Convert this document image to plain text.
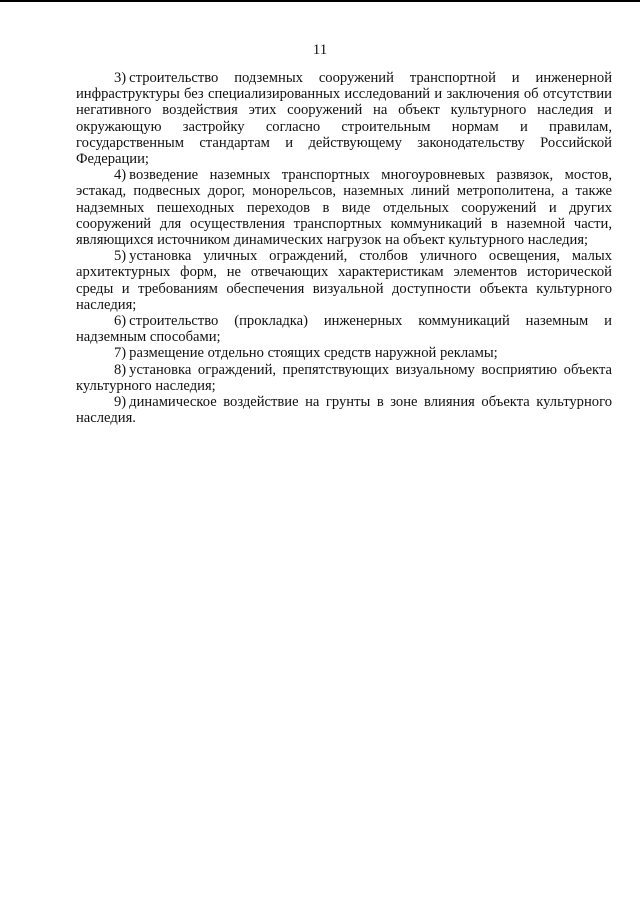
11

3) строительство подземных сооружений транспортной и инженерной инфраструктуры без специализированных исследований и заключения об отсутствии негативного воздействия этих сооружений на объект культурного наследия и окружающую застройку согласно строительным нормам и правилам, государственным стандартам и действующему законодательству Российской Федерации;

4) возведение наземных транспортных многоуровневых развязок, мостов, эстакад, подвесных дорог, монорельсов, наземных линий метрополитена, а также надземных пешеходных переходов в виде отдельных сооружений и других сооружений для осуществления транспортных коммуникаций в наземной части, являющихся источником динамических нагрузок на объект культурного наследия;

5) установка уличных ограждений, столбов уличного освещения, малых архитектурных форм, не отвечающих характеристикам элементов исторической среды и требованиям обеспечения визуальной доступности объекта культурного наследия;

6) строительство (прокладка) инженерных коммуникаций наземным и надземным способами;

7) размещение отдельно стоящих средств наружной рекламы;

8) установка ограждений, препятствующих визуальному восприятию объекта культурного наследия;

9) динамическое воздействие на грунты в зоне влияния объекта культурного наследия.
